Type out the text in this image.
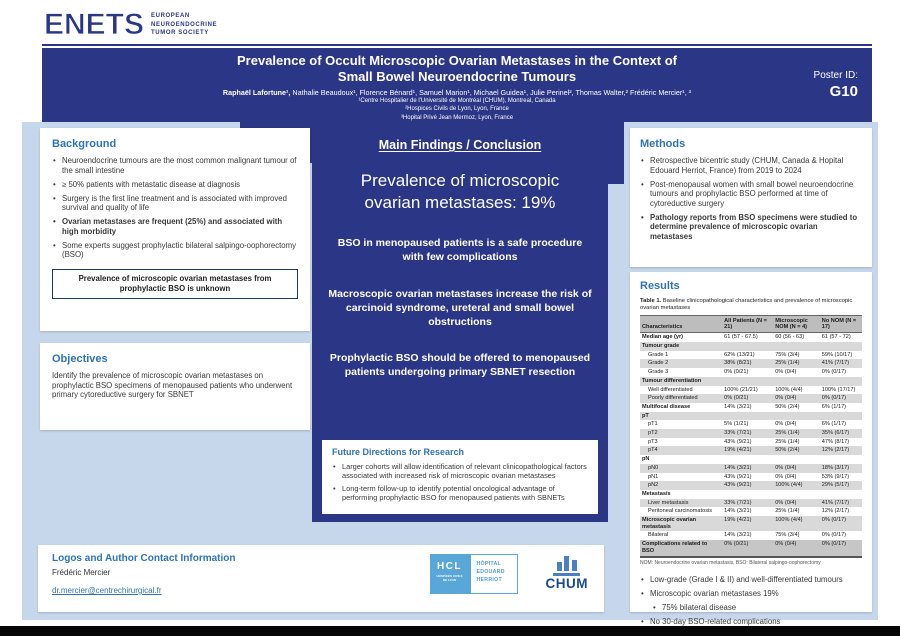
ENETS EUROPEAN
NEUROENDOCRINE
TUMOR SOCIETY
Prevalence of Occult Microscopic Ovarian Metastases in the Context of
Small Bowel Neuroendocrine Tumours
Raphaël Lafortune¹, Nathalie Beaudoux¹, Florence Bénard¹, Samuel Marion¹, Michael Guidea¹, Julie Perinel², Thomas Walter,² Frédéric Mercier¹, ³
¹Centre Hospitalier de l'Université de Montréal (CHUM), Montreal, Canada
²Hospices Civils de Lyon, Lyon, France
³Hopital Privé Jean Mermoz, Lyon, France
Poster ID:
G10
Background
• Neuroendocrine tumours are the most common malignant tumour of the small intestine
• ≥ 50% patients with metastatic disease at diagnosis
• Surgery is the first line treatment and is associated with improved survival and quality of life
• Ovarian metastases are frequent (25%) and associated with high morbidity
• Some experts suggest prophylactic bilateral salpingo-oophorectomy (BSO)
Prevalence of microscopic ovarian metastases from prophylactic BSO is unknown
Objectives
Identify the prevalence of microscopic ovarian metastases on prophylactic BSO specimens of menopaused patients who underwent primary cytoreductive surgery for SBNET
Main Findings / Conclusion
Prevalence of microscopic ovarian metastases: 19%
BSO in menopaused patients is a safe procedure with few complications
Macroscopic ovarian metastases increase the risk of carcinoid syndrome, ureteral and small bowel obstructions
Prophylactic BSO should be offered to menopaused patients undergoing primary SBNET resection
Future Directions for Research
• Larger cohorts will allow identification of relevant clinicopathological factors associated with increased risk of microscopic ovarian metastases
• Long-term follow-up to identify potential oncological advantage of performing prophylactic BSO for menopaused patients with SBNETs
Methods
• Retrospective bicentric study (CHUM, Canada & Hopital Edouard Herriot, France) from 2019 to 2024
• Post-menopausal women with small bowel neuroendocrine tumours and prophylactic BSO performed at time of cytoreductive surgery
• Pathology reports from BSO specimens were studied to determine prevalence of microscopic ovarian metastases
Results
Table 1. Baseline clinicopathological characteristics and prevalence of microscopic ovarian metastases
Characteristics	All Patients (N = 21)	Microscopic NOM (N = 4)	No NOM (N = 17)
Median age (yr)	61 (57 - 67.5)	60 (56 - 63)	61 (57 - 72)
Tumour grade			
Grade 1	62% (13/21)	75% (3/4)	59% (10/17)
Grade 2	38% (8/21)	25% (1/4)	41% (7/17)
Grade 3	0% (0/21)	0% (0/4)	0% (0/17)
Tumour differentiation			
Well differentiated	100% (21/21)	100% (4/4)	100% (17/17)
Poorly differentiated	0% (0/21)	0% (0/4)	0% (0/17)
Multifocal disease	14% (3/21)	50% (2/4)	6% (1/17)
pT			
pT1	5% (1/21)	0% (0/4)	6% (1/17)
pT2	33% (7/21)	25% (1/4)	35% (6/17)
pT3	43% (9/21)	25% (1/4)	47% (8/17)
pT4	19% (4/21)	50% (2/4)	12% (2/17)
pN			
pN0	14% (3/21)	0% (0/4)	18% (3/17)
pN1	43% (9/21)	0% (0/4)	53% (9/17)
pN2	43% (9/21)	100% (4/4)	29% (5/17)
Metastasis			
Liver metastasis	33% (7/21)	0% (0/4)	41% (7/17)
Peritoneal carcinomatosis	14% (3/21)	25% (1/4)	12% (2/17)
Microscopic ovarian metastasis	19% (4/21)	100% (4/4)	0% (0/17)
Bilateral	14% (3/21)	75% (3/4)	0% (0/17)
Complications related to BSO	0% (0/21)	0% (0/4)	0% (0/17)
NOM: Neuroendocrine ovarian metastasis, BSO: Bilateral salpingo-oophorectomy
• Low-grade (Grade I & II) and well-differentiated tumours
• Microscopic ovarian metastases 19%
• 75% bilateral disease
• No 30-day BSO-related complications
Logos and Author Contact Information
Frédéric Mercier
dr.mercier@centrechirurgical.fr
HCL
HOSPICES CIVILS
DE LYON
HÔPITAL
EDOUARD
HERRIOT	CHUM
